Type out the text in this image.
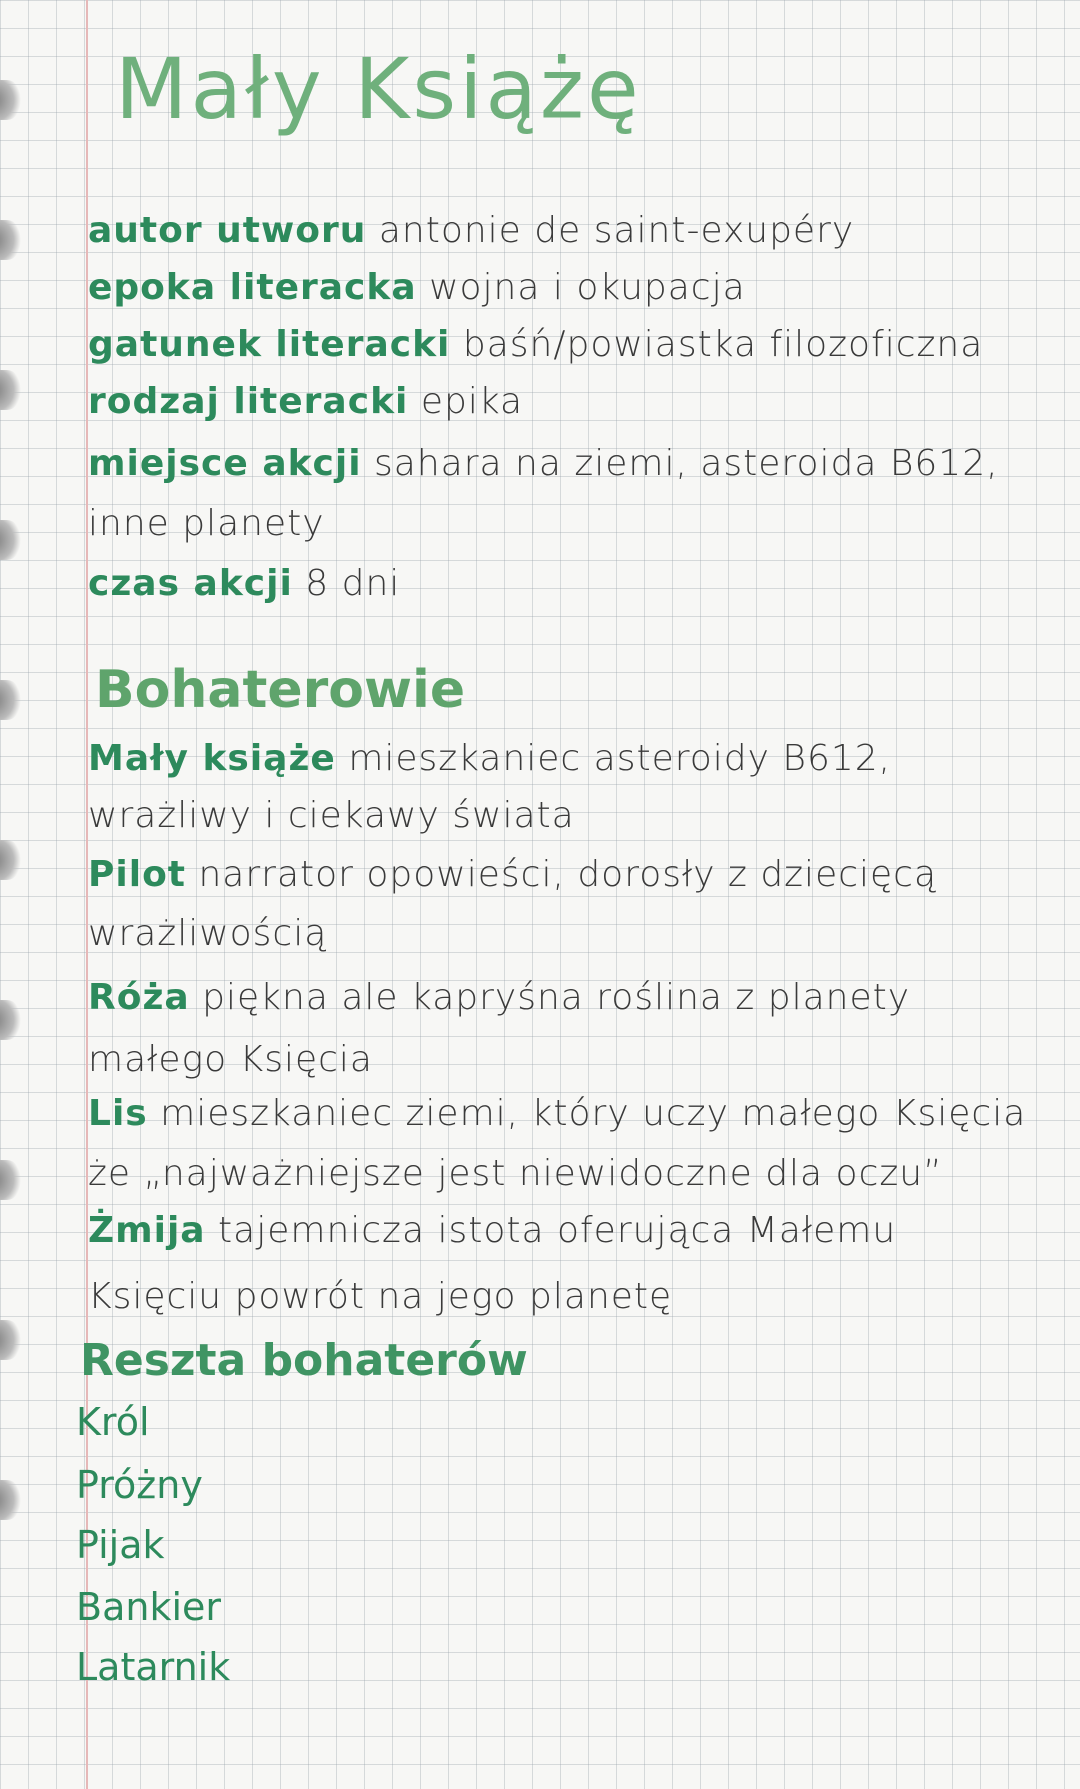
Mały Książę
autor utworu antonie de saint-exupéry
epoka literacka wojna i okupacja
gatunek literacki baśń/powiastka filozoficzna
rodzaj literacki epika
miejsce akcji sahara na ziemi, asteroida B612,
inne planety
czas akcji 8 dni
Bohaterowie
Mały książe mieszkaniec asteroidy B612,
wrażliwy i ciekawy świata
Pilot narrator opowieści, dorosły z dziecięcą
wrażliwością
Róża piękna ale kapryśna roślina z planety
małego Księcia
Lis mieszkaniec ziemi, który uczy małego Księcia
że „najważniejsze jest niewidoczne dla oczu”
Żmija tajemnicza istota oferująca Małemu
Księciu powrót na jego planetę
Reszta bohaterów
Król
Próżny
Pijak
Bankier
Latarnik
